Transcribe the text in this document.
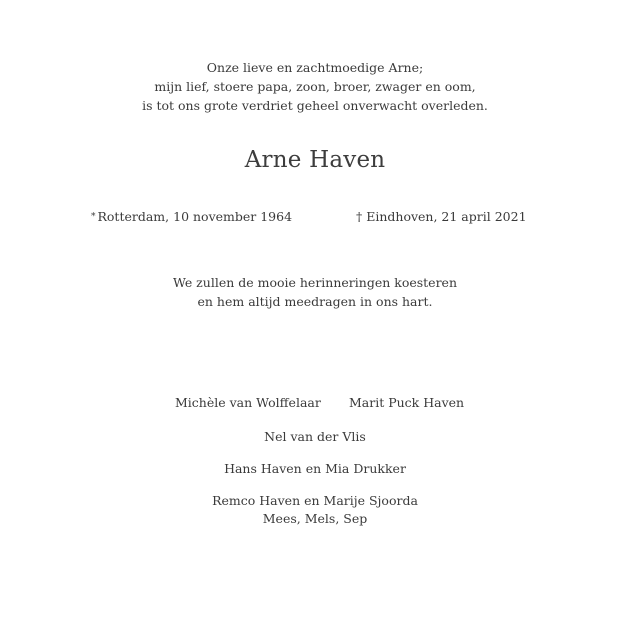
Onze lieve en zachtmoedige Arne;
mijn lief, stoere papa, zoon, broer, zwager en oom,
is tot ons grote verdriet geheel onverwacht overleden.
Arne Haven
* Rotterdam, 10 november 1964	† Eindhoven, 21 april 2021
We zullen de mooie herinneringen koesteren
en hem altijd meedragen in ons hart.
Michèle van Wolffelaar Marit Puck Haven
Nel van der Vlis
Hans Haven en Mia Drukker
Remco Haven en Marije Sjoorda
Mees, Mels, Sep
